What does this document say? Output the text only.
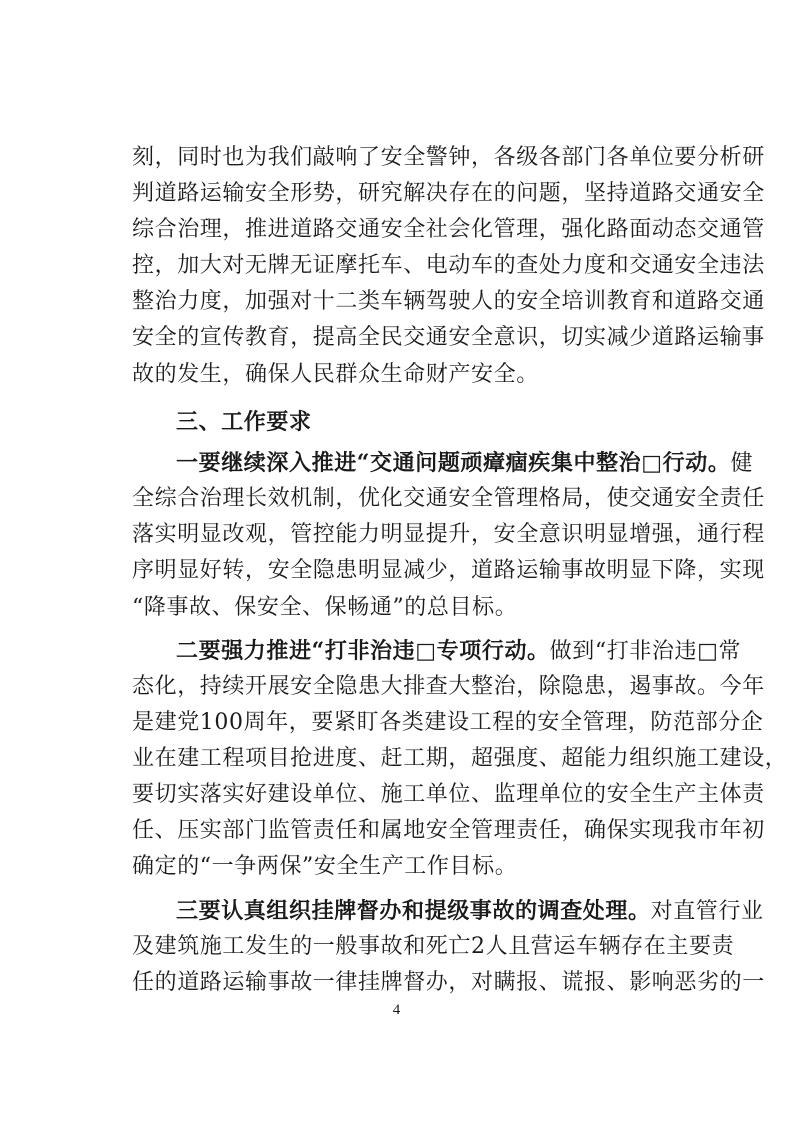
刻，同时也为我们敲响了安全警钟，各级各部门各单位要分析研
判道路运输安全形势，研究解决存在的问题，坚持道路交通安全
综合治理，推进道路交通安全社会化管理，强化路面动态交通管
控，加大对无牌无证摩托车、电动车的查处力度和交通安全违法
整治力度，加强对十二类车辆驾驶人的安全培训教育和道路交通
安全的宣传教育，提高全民交通安全意识，切实减少道路运输事
故的发生，确保人民群众生命财产安全。
三、工作要求
一要继续深入推进“交通问题顽瘴痼疾集中整治□行动。健
全综合治理长效机制，优化交通安全管理格局，使交通安全责任
落实明显改观，管控能力明显提升，安全意识明显增强，通行程
序明显好转，安全隐患明显减少，道路运输事故明显下降，实现
“降事故、保安全、保畅通”的总目标。
二要强力推进“打非治违□专项行动。做到“打非治违□常
态化，持续开展安全隐患大排查大整治，除隐患，遏事故。今年
是建党100周年，要紧盯各类建设工程的安全管理，防范部分企
业在建工程项目抢进度、赶工期，超强度、超能力组织施工建设，
要切实落实好建设单位、施工单位、监理单位的安全生产主体责
任、压实部门监管责任和属地安全管理责任，确保实现我市年初
确定的“一争两保”安全生产工作目标。
三要认真组织挂牌督办和提级事故的调查处理。对直管行业
及建筑施工发生的一般事故和死亡2人且营运车辆存在主要责
任的道路运输事故一律挂牌督办，对瞒报、谎报、影响恶劣的一
4
